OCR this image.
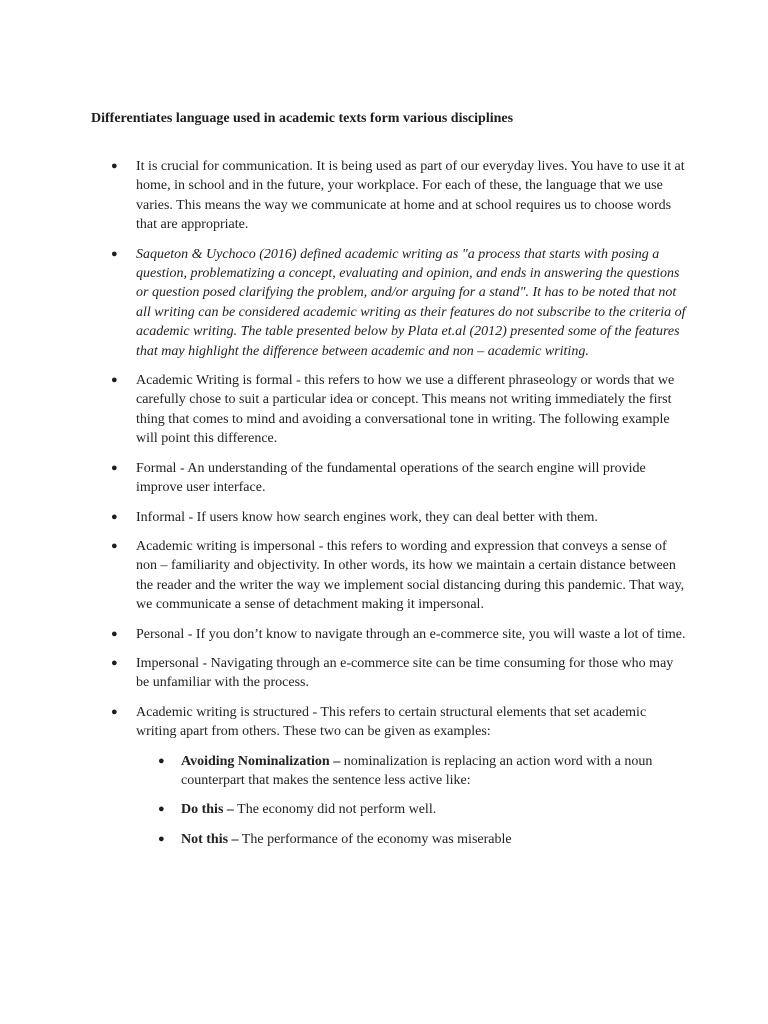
Differentiates language used in academic texts form various disciplines
● It is crucial for communication. It is being used as part of our everyday lives. You have to use it at home, in school and in the future, your workplace. For each of these, the language that we use varies. This means the way we communicate at home and at school requires us to choose words that are appropriate.
● Saqueton & Uychoco (2016) defined academic writing as "a process that starts with posing a question, problematizing a concept, evaluating and opinion, and ends in answering the questions or question posed clarifying the problem, and/or arguing for a stand". It has to be noted that not all writing can be considered academic writing as their features do not subscribe to the criteria of academic writing. The table presented below by Plata et.al (2012) presented some of the features that may highlight the difference between academic and non – academic writing.
● Academic Writing is formal - this refers to how we use a different phraseology or words that we carefully chose to suit a particular idea or concept. This means not writing immediately the first thing that comes to mind and avoiding a conversational tone in writing. The following example will point this difference.
● Formal - An understanding of the fundamental operations of the search engine will provide improve user interface.
● Informal - If users know how search engines work, they can deal better with them.
● Academic writing is impersonal - this refers to wording and expression that conveys a sense of non – familiarity and objectivity. In other words, its how we maintain a certain distance between the reader and the writer the way we implement social distancing during this pandemic. That way, we communicate a sense of detachment making it impersonal.
● Personal - If you don’t know to navigate through an e-commerce site, you will waste a lot of time.
● Impersonal - Navigating through an e-commerce site can be time consuming for those who may be unfamiliar with the process.
● Academic writing is structured - This refers to certain structural elements that set academic writing apart from others. These two can be given as examples:
● Avoiding Nominalization – nominalization is replacing an action word with a noun counterpart that makes the sentence less active like:
● Do this – The economy did not perform well.
● Not this – The performance of the economy was miserable
